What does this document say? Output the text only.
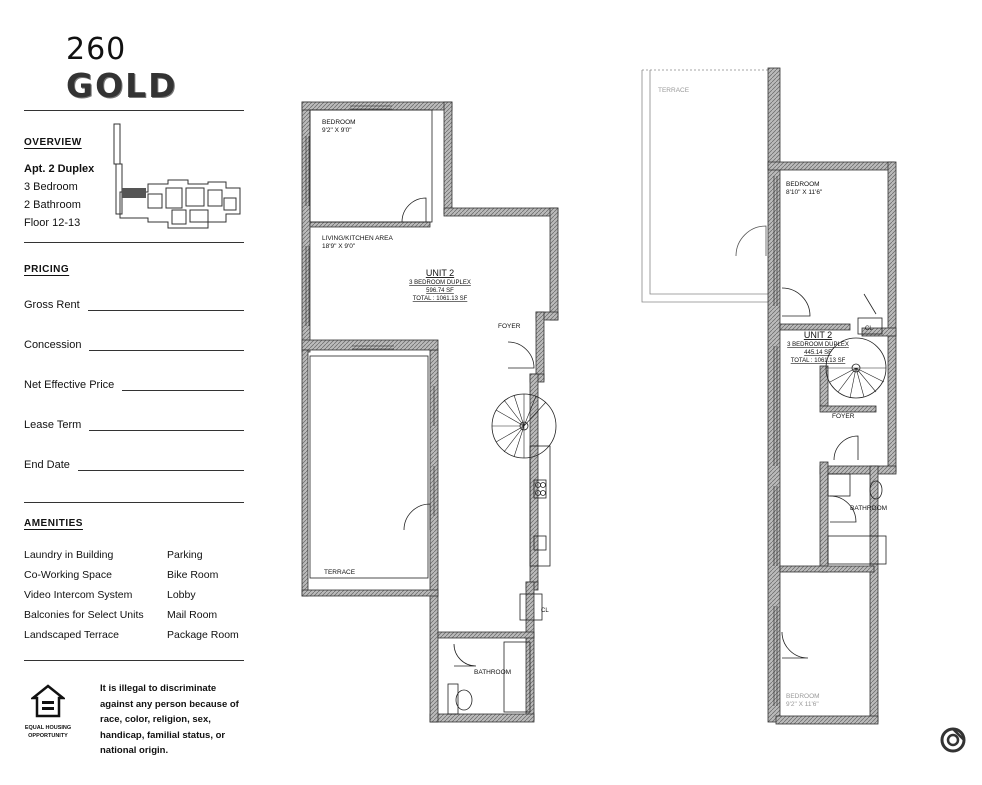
260
GOLD
OVERVIEW
Apt. 2 Duplex
3 Bedroom
2 Bathroom
Floor 12-13
PRICING
Gross Rent
Concession
Net Effective Price
Lease Term
End Date
AMENITIES
Laundry in Building
Co-Working Space
Video Intercom System
Balconies for Select Units
Landscaped Terrace
Parking
Bike Room
Lobby
Mail Room
Package Room
EQUAL HOUSING
OPPORTUNITY
It is illegal to discriminate against any person because of race, color, religion, sex, handicap, familial status, or national origin.
BEDROOM
9'2" X 9'0"
LIVING/KITCHEN AREA
18'9" X 9'0"
FOYER
TERRACE
CL
BATHROOM
UNIT 2
3 BEDROOM DUPLEX
596.74 SF
TOTAL : 1061.13 SF
TERRACE
BEDROOM
8'10" X 11'6"
CL
FOYER
BATHROOM
BEDROOM
9'2" X 11'6"
UNIT 2
3 BEDROOM DUPLEX
445.14 SF
TOTAL : 1061.13 SF
